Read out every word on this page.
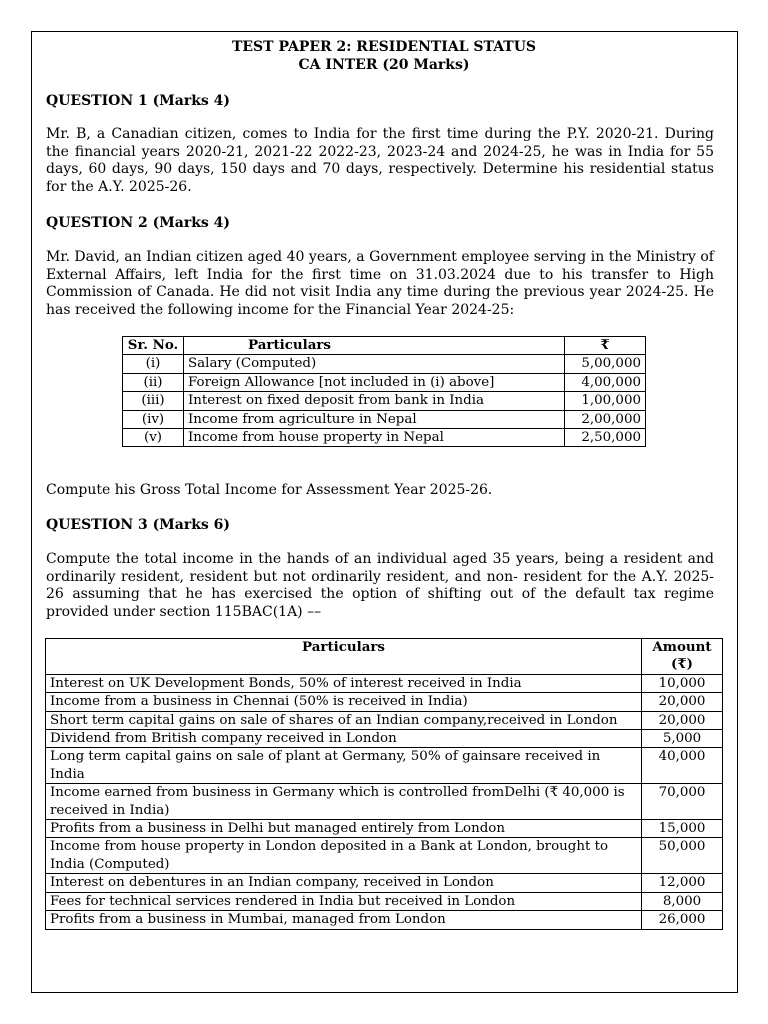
TEST PAPER 2: RESIDENTIAL STATUS
CA INTER (20 Marks)
QUESTION 1 (Marks 4)

Mr. B, a Canadian citizen, comes to India for the first time during the P.Y. 2020-21. During the financial years 2020-21, 2021-22 2022-23, 2023-24 and 2024-25, he was in India for 55 days, 60 days, 90 days, 150 days and 70 days, respectively. Determine his residential status for the A.Y. 2025-26.

QUESTION 2 (Marks 4)

Mr. David, an Indian citizen aged 40 years, a Government employee serving in the Ministry of External Affairs, left India for the first time on 31.03.2024 due to his transfer to High Commission of Canada. He did not visit India any time during the previous year 2024-25. He has received the following income for the Financial Year 2024-25:

Sr. No.	Particulars	₹
(i)	Salary (Computed)	5,00,000
(ii)	Foreign Allowance [not included in (i) above]	4,00,000
(iii)	Interest on fixed deposit from bank in India	1,00,000
(iv)	Income from agriculture in Nepal	2,00,000
(v)	Income from house property in Nepal	2,50,000

Compute his Gross Total Income for Assessment Year 2025-26.

QUESTION 3 (Marks 6)

Compute the total income in the hands of an individual aged 35 years, being a resident and ordinarily resident, resident but not ordinarily resident, and non- resident for the A.Y. 2025-26 assuming that he has exercised the option of shifting out of the default tax regime provided under section 115BAC(1A) ––

Particulars	Amount (₹)
Interest on UK Development Bonds, 50% of interest received in India	10,000
Income from a business in Chennai (50% is received in India)	20,000
Short term capital gains on sale of shares of an Indian company,received in London	20,000
Dividend from British company received in London	5,000
Long term capital gains on sale of plant at Germany, 50% of gainsare received in India	40,000
Income earned from business in Germany which is controlled fromDelhi (₹ 40,000 is received in India)	70,000
Profits from a business in Delhi but managed entirely from London	15,000
Income from house property in London deposited in a Bank at London, brought to India (Computed)	50,000
Interest on debentures in an Indian company, received in London	12,000
Fees for technical services rendered in India but received in London	8,000
Profits from a business in Mumbai, managed from London	26,000
